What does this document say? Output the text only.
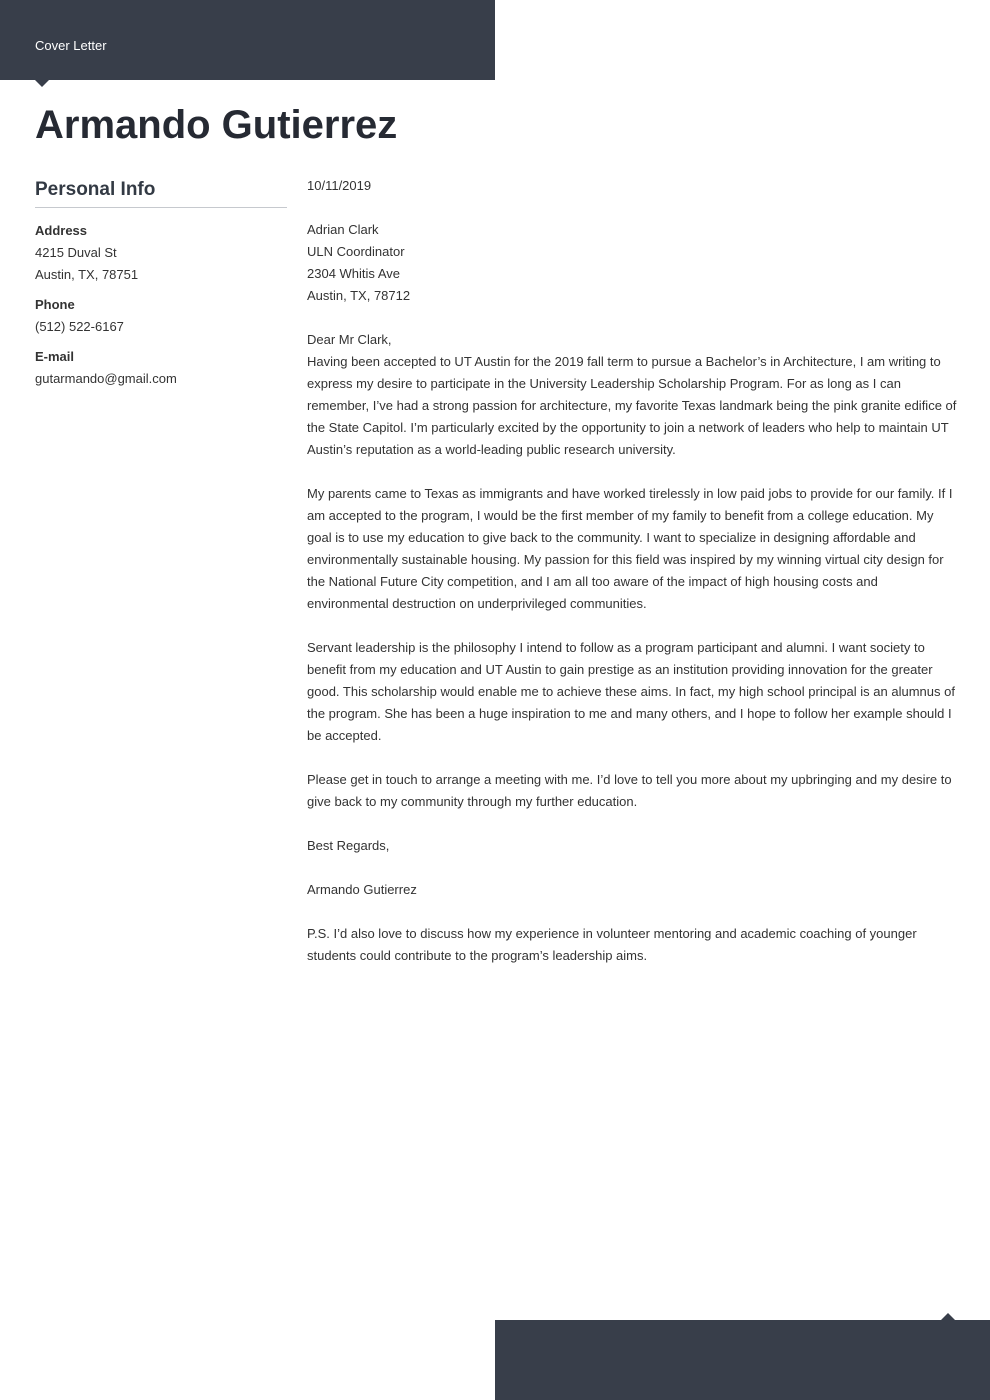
Cover Letter
Armando Gutierrez
Personal Info
Address
4215 Duval St
Austin, TX, 78751
Phone
(512) 522-6167
E-mail
gutarmando@gmail.com

10/11/2019

Adrian Clark

ULN Coordinator

2304 Whitis Ave

Austin, TX, 78712

Dear Mr Clark,

Having been accepted to UT Austin for the 2019 fall term to pursue a Bachelor’s in Architecture, I am writing to express my desire to participate in the University Leadership Scholarship Program. For as long as I can remember, I’ve had a strong passion for architecture, my favorite Texas landmark being the pink granite edifice of the State Capitol. I’m particularly excited by the opportunity to join a network of leaders who help to maintain UT Austin’s reputation as a world-leading public research university.

My parents came to Texas as immigrants and have worked tirelessly in low paid jobs to provide for our family. If I am accepted to the program, I would be the first member of my family to benefit from a college education. My goal is to use my education to give back to the community. I want to specialize in designing affordable and environmentally sustainable housing. My passion for this field was inspired by my winning virtual city design for the National Future City competition, and I am all too aware of the impact of high housing costs and environmental destruction on underprivileged communities.

Servant leadership is the philosophy I intend to follow as a program participant and alumni. I want society to benefit from my education and UT Austin to gain prestige as an institution providing innovation for the greater good. This scholarship would enable me to achieve these aims. In fact, my high school principal is an alumnus of the program. She has been a huge inspiration to me and many others, and I hope to follow her example should I be accepted.

Please get in touch to arrange a meeting with me. I’d love to tell you more about my upbringing and my desire to give back to my community through my further education.

Best Regards,

Armando Gutierrez

P.S. I’d also love to discuss how my experience in volunteer mentoring and academic coaching of younger students could contribute to the program’s leadership aims.
